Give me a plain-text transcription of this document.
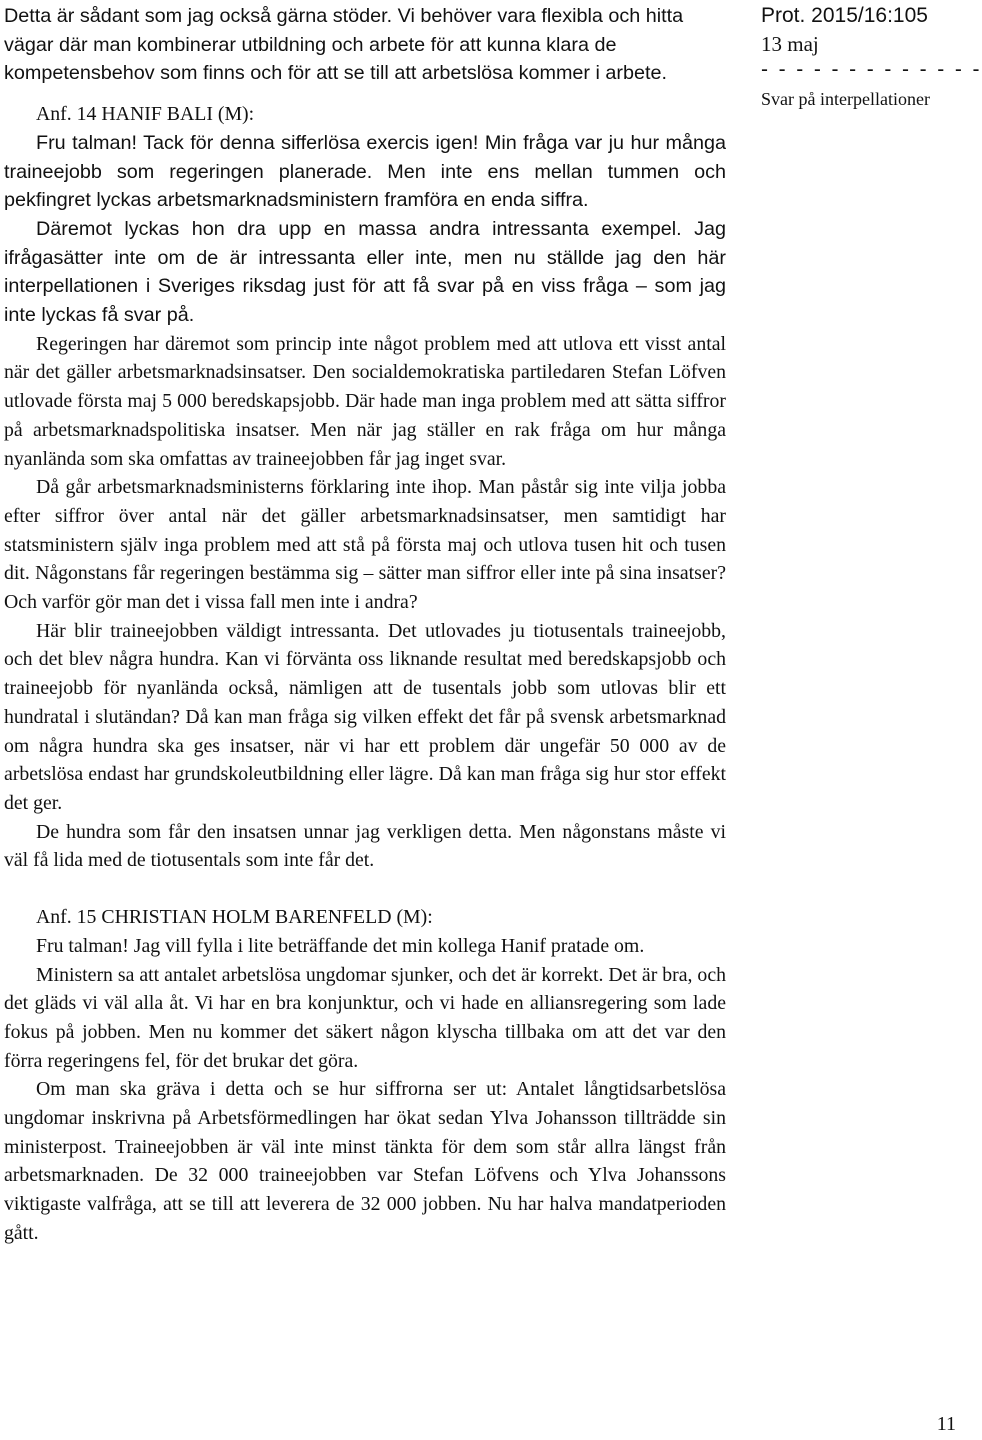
Detta är sådant som jag också gärna stöder. Vi behöver vara flexibla och hitta vägar där man kombinerar utbildning och arbete för att kunna klara de kompetensbehov som finns och för att se till att arbetslösa kommer i arbete.

Anf. 14 HANIF BALI (M):

Fru talman! Tack för denna sifferlösa exercis igen! Min fråga var ju hur många traineejobb som regeringen planerade. Men inte ens mellan tummen och pekfingret lyckas arbetsmarknadsministern framföra en enda siffra.

Däremot lyckas hon dra upp en massa andra intressanta exempel. Jag ifrågasätter inte om de är intressanta eller inte, men nu ställde jag den här interpellationen i Sveriges riksdag just för att få svar på en viss fråga – som jag inte lyckas få svar på.

Regeringen har däremot som princip inte något problem med att utlova ett visst antal när det gäller arbetsmarknadsinsatser. Den socialdemokratiska partiledaren Stefan Löfven utlovade första maj 5 000 beredskapsjobb. Där hade man inga problem med att sätta siffror på arbetsmarknadspolitiska insatser. Men när jag ställer en rak fråga om hur många nyanlända som ska omfattas av traineejobben får jag inget svar.

Då går arbetsmarknadsministerns förklaring inte ihop. Man påstår sig inte vilja jobba efter siffror över antal när det gäller arbetsmarknadsinsatser, men samtidigt har statsministern själv inga problem med att stå på första maj och utlova tusen hit och tusen dit. Någonstans får regeringen bestämma sig – sätter man siffror eller inte på sina insatser? Och varför gör man det i vissa fall men inte i andra?

Här blir traineejobben väldigt intressanta. Det utlovades ju tiotusentals traineejobb, och det blev några hundra. Kan vi förvänta oss liknande resultat med beredskapsjobb och traineejobb för nyanlända också, nämligen att de tusentals jobb som utlovas blir ett hundratal i slutändan? Då kan man fråga sig vilken effekt det får på svensk arbetsmarknad om några hundra ska ges insatser, när vi har ett problem där ungefär 50 000 av de arbetslösa endast har grundskoleutbildning eller lägre. Då kan man fråga sig hur stor effekt det ger.

De hundra som får den insatsen unnar jag verkligen detta. Men någonstans måste vi väl få lida med de tiotusentals som inte får det.

Anf. 15 CHRISTIAN HOLM BARENFELD (M):

Fru talman! Jag vill fylla i lite beträffande det min kollega Hanif pratade om.

Ministern sa att antalet arbetslösa ungdomar sjunker, och det är korrekt. Det är bra, och det gläds vi väl alla åt. Vi har en bra konjunktur, och vi hade en alliansregering som lade fokus på jobben. Men nu kommer det säkert någon klyscha tillbaka om att det var den förra regeringens fel, för det brukar det göra.

Om man ska gräva i detta och se hur siffrorna ser ut: Antalet långtidsarbetslösa ungdomar inskrivna på Arbetsförmedlingen har ökat sedan Ylva Johansson tillträdde sin ministerpost. Traineejobben är väl inte minst tänkta för dem som står allra längst från arbetsmarknaden. De 32 000 traineejobben var Stefan Löfvens och Ylva Johanssons viktigaste valfråga, att se till att leverera de 32 000 jobben. Nu har halva mandatperioden gått.

Prot. 2015/16:105

13 maj

- - - - - - - - - - - - -

Svar på interpellationer

11
